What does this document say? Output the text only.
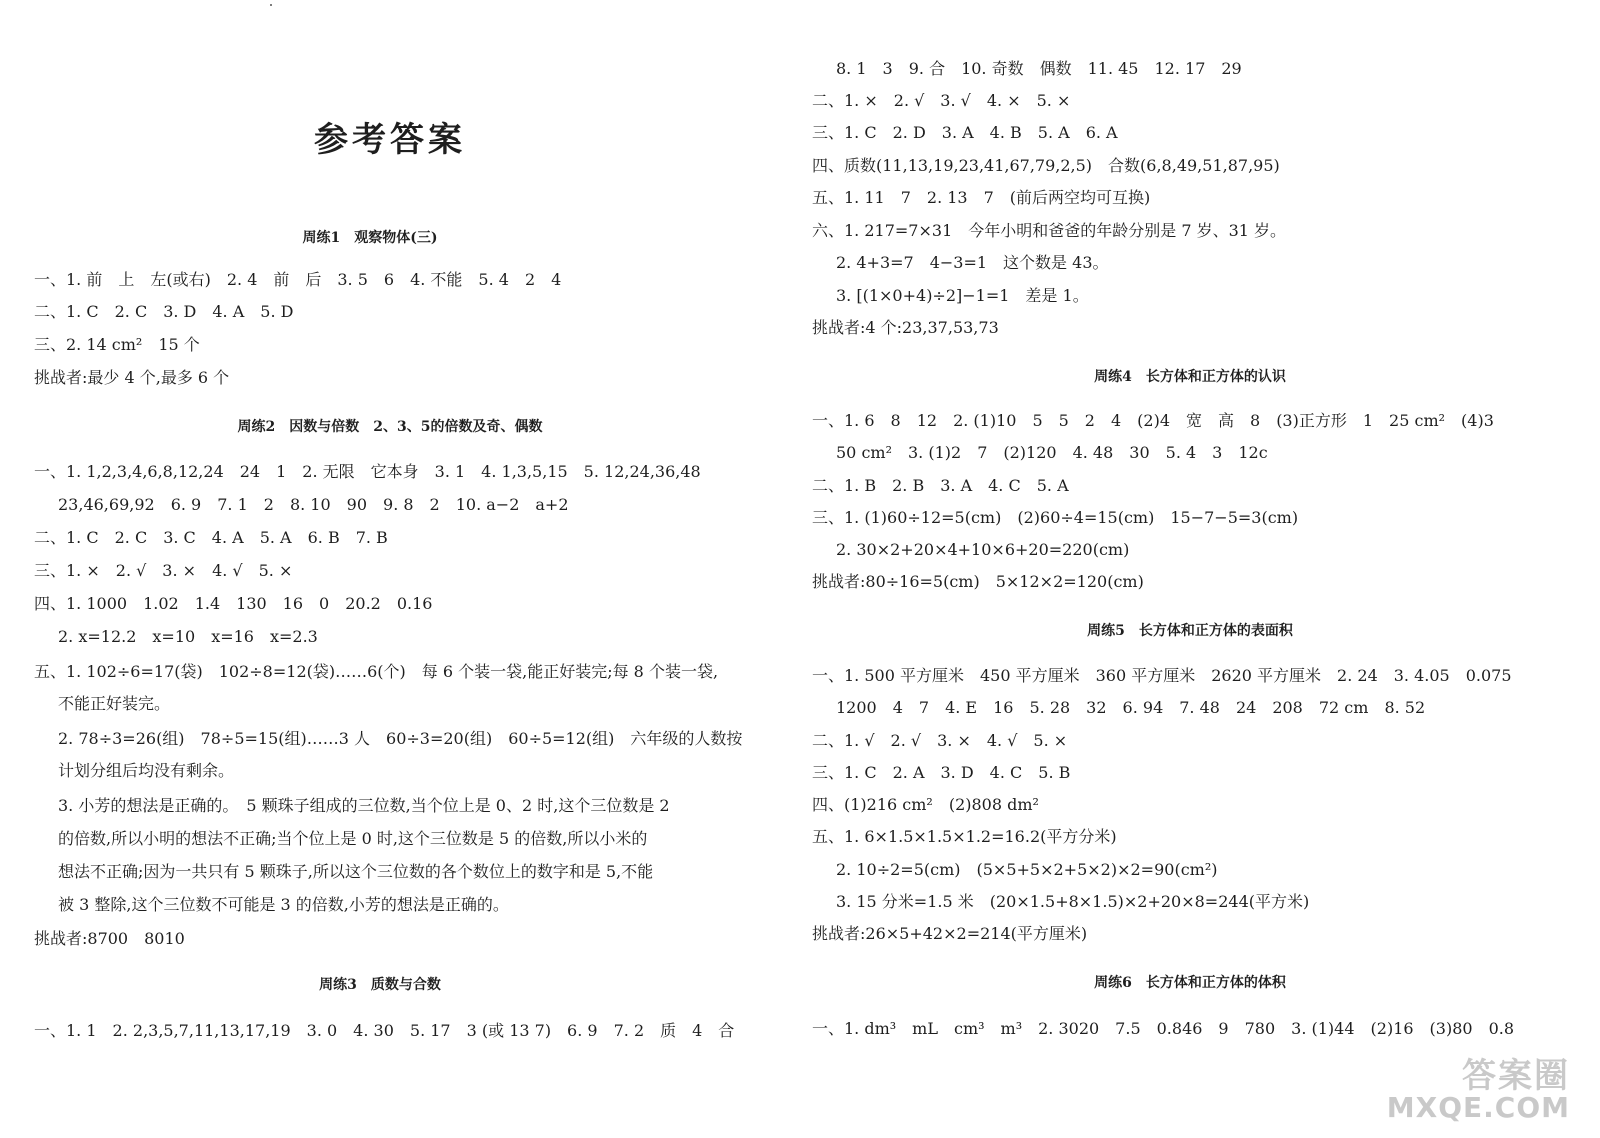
参考答案
周练1　观察物体(三)
一、1. 前　上　左(或右)　2. 4　前　后　3. 5　6　4. 不能　5. 4　2　4
二、1. C　2. C　3. D　4. A　5. D
三、2. 14 cm²　15 个
挑战者:最少 4 个,最多 6 个
周练2　因数与倍数　2、3、5的倍数及奇、偶数
一、1. 1,2,3,4,6,8,12,24　24　1　2. 无限　它本身　3. 1　4. 1,3,5,15　5. 12,24,36,48
23,46,69,92　6. 9　7. 1　2　8. 10　90　9. 8　2　10. a−2　a+2
二、1. C　2. C　3. C　4. A　5. A　6. B　7. B
三、1. ×　2. √　3. ×　4. √　5. ×
四、1. 1000　1.02　1.4　130　16　0　20.2　0.16
2. x=12.2　x=10　x=16　x=2.3
五、1. 102÷6=17(袋)　102÷8=12(袋)……6(个)　每 6 个装一袋,能正好装完;每 8 个装一袋,
不能正好装完。
2. 78÷3=26(组)　78÷5=15(组)……3 人　60÷3=20(组)　60÷5=12(组)　六年级的人数按
计划分组后均没有剩余。
3. 小芳的想法是正确的。　5 颗珠子组成的三位数,当个位上是 0、2 时,这个三位数是 2
的倍数,所以小明的想法不正确;当个位上是 0 时,这个三位数是 5 的倍数,所以小米的
想法不正确;因为一共只有 5 颗珠子,所以这个三位数的各个数位上的数字和是 5,不能
被 3 整除,这个三位数不可能是 3 的倍数,小芳的想法是正确的。
挑战者:8700　8010
周练3　质数与合数
一、1. 1　2. 2,3,5,7,11,13,17,19　3. 0　4. 30　5. 17　3 (或 13 7)　6. 9　7. 2　质　4　合
8. 1　3　9. 合　10. 奇数　偶数　11. 45　12. 17　29
二、1. ×　2. √　3. √　4. ×　5. ×
三、1. C　2. D　3. A　4. B　5. A　6. A
四、质数(11,13,19,23,41,67,79,2,5)　合数(6,8,49,51,87,95)
五、1. 11　7　2. 13　7　(前后两空均可互换)
六、1. 217=7×31　今年小明和爸爸的年龄分别是 7 岁、31 岁。
2. 4+3=7　4−3=1　这个数是 43。
3. [(1×0+4)÷2]−1=1　差是 1。
挑战者:4 个:23,37,53,73
周练4　长方体和正方体的认识
一、1. 6　8　12　2. (1)10　5　5　2　4　(2)4　宽　高　8　(3)正方形　1　25 cm²　(4)3
50 cm²　3. (1)2　7　(2)120　4. 48　30　5. 4　3　12c
二、1. B　2. B　3. A　4. C　5. A
三、1. (1)60÷12=5(cm)　(2)60÷4=15(cm)　15−7−5=3(cm)
2. 30×2+20×4+10×6+20=220(cm)
挑战者:80÷16=5(cm)　5×12×2=120(cm)
周练5　长方体和正方体的表面积
一、1. 500 平方厘米　450 平方厘米　360 平方厘米　2620 平方厘米　2. 24　3. 4.05　0.075
1200　4　7　4. E　16　5. 28　32　6. 94　7. 48　24　208　72 cm　8. 52
二、1. √　2. √　3. ×　4. √　5. ×
三、1. C　2. A　3. D　4. C　5. B
四、(1)216 cm²　(2)808 dm²
五、1. 6×1.5×1.5×1.2=16.2(平方分米)
2. 10÷2=5(cm)　(5×5+5×2+5×2)×2=90(cm²)
3. 15 分米=1.5 米　(20×1.5+8×1.5)×2+20×8=244(平方米)
挑战者:26×5+42×2=214(平方厘米)
周练6　长方体和正方体的体积
一、1. dm³　mL　cm³　m³　2. 3020　7.5　0.846　9　780　3. (1)44　(2)16　(3)80　0.8
答案圈
MXQE.COM
